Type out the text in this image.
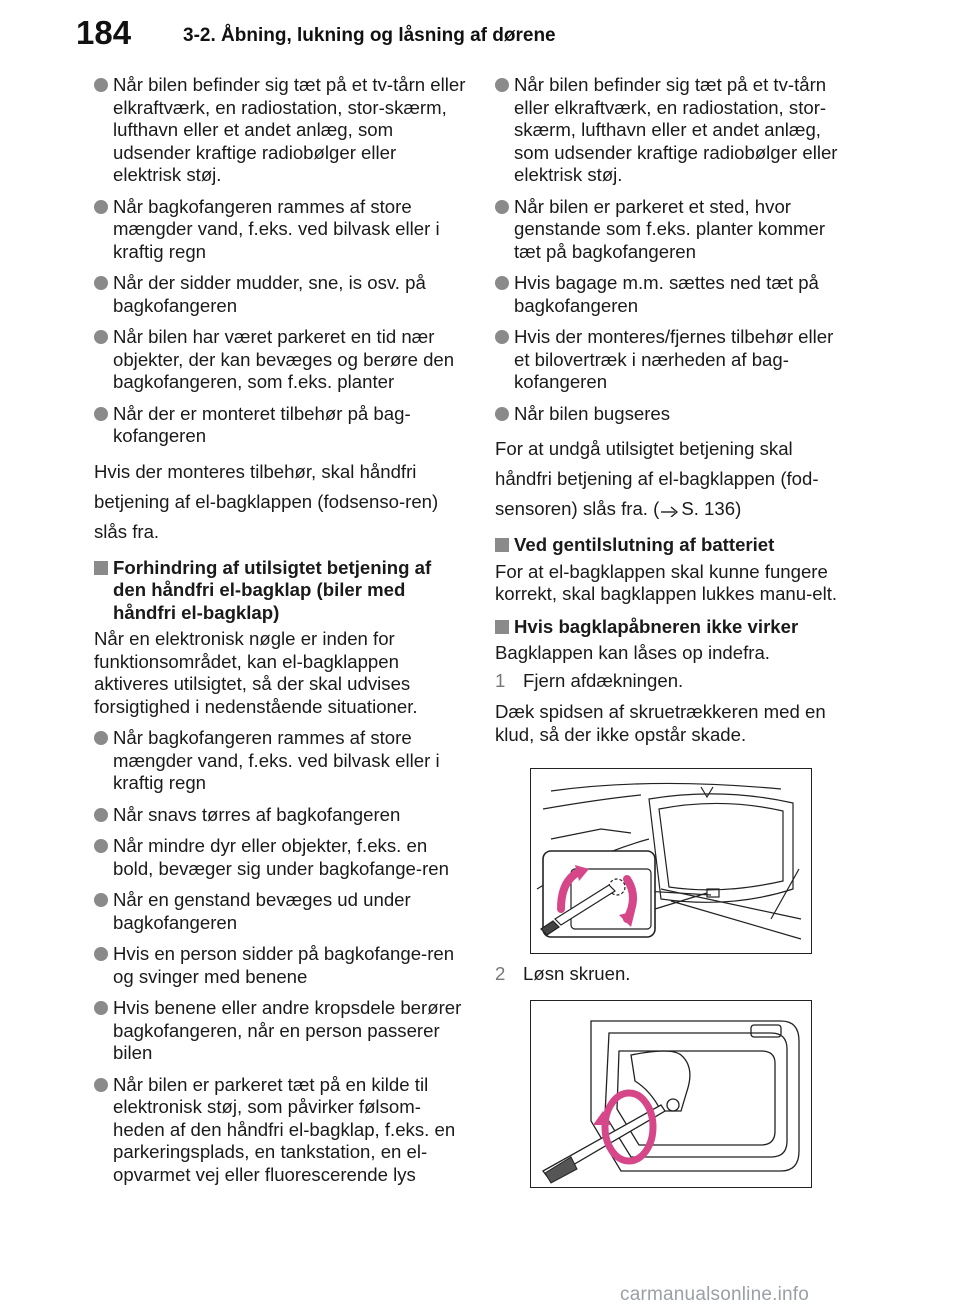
184	3-2. Åbning, lukning og låsning af dørene
Når bilen befinder sig tæt på et tv-tårn eller elkraftværk, en radiostation, stor-skærm, lufthavn eller et andet anlæg, som udsender kraftige radiobølger eller elektrisk støj.
Når bagkofangeren rammes af store mængder vand, f.eks. ved bilvask eller i kraftig regn
Når der sidder mudder, sne, is osv. på bagkofangeren
Når bilen har været parkeret en tid nær objekter, der kan bevæges og berøre den bagkofangeren, som f.eks. planter
Når der er monteret tilbehør på bag-kofangeren
Hvis der monteres tilbehør, skal håndfri betjening af el-bagklappen (fodsenso-ren) slås fra.
Forhindring af utilsigtet betjening af den håndfri el-bagklap (biler med håndfri el-bagklap)
Når en elektronisk nøgle er inden for funktionsområdet, kan el-bagklappen aktiveres utilsigtet, så der skal udvises forsigtighed i nedenstående situationer.
Når bagkofangeren rammes af store mængder vand, f.eks. ved bilvask eller i kraftig regn
Når snavs tørres af bagkofangeren
Når mindre dyr eller objekter, f.eks. en bold, bevæger sig under bagkofange-ren
Når en genstand bevæges ud under bagkofangeren
Hvis en person sidder på bagkofange-ren og svinger med benene
Hvis benene eller andre kropsdele berører bagkofangeren, når en person passerer bilen
Når bilen er parkeret tæt på en kilde til elektronisk støj, som påvirker følsom-heden af den håndfri el-bagklap, f.eks. en parkeringsplads, en tankstation, en el-opvarmet vej eller fluorescerende lys
Når bilen befinder sig tæt på et tv-tårn eller elkraftværk, en radiostation, stor-skærm, lufthavn eller et andet anlæg, som udsender kraftige radiobølger eller elektrisk støj.
Når bilen er parkeret et sted, hvor genstande som f.eks. planter kommer tæt på bagkofangeren
Hvis bagage m.m. sættes ned tæt på bagkofangeren
Hvis der monteres/fjernes tilbehør eller et bilovertræk i nærheden af bag-kofangeren
Når bilen bugseres
For at undgå utilsigtet betjening skal håndfri betjening af el-bagklappen (fod-sensoren) slås fra. ( S. 136)
Ved gentilslutning af batteriet
For at el-bagklappen skal kunne fungere korrekt, skal bagklappen lukkes manu-elt.
Hvis bagklapåbneren ikke virker
Bagklappen kan låses op indefra.
1 Fjern afdækningen.
Dæk spidsen af skruetrækkeren med en klud, så der ikke opstår skade.
2 Løsn skruen.
carmanualsonline.info
